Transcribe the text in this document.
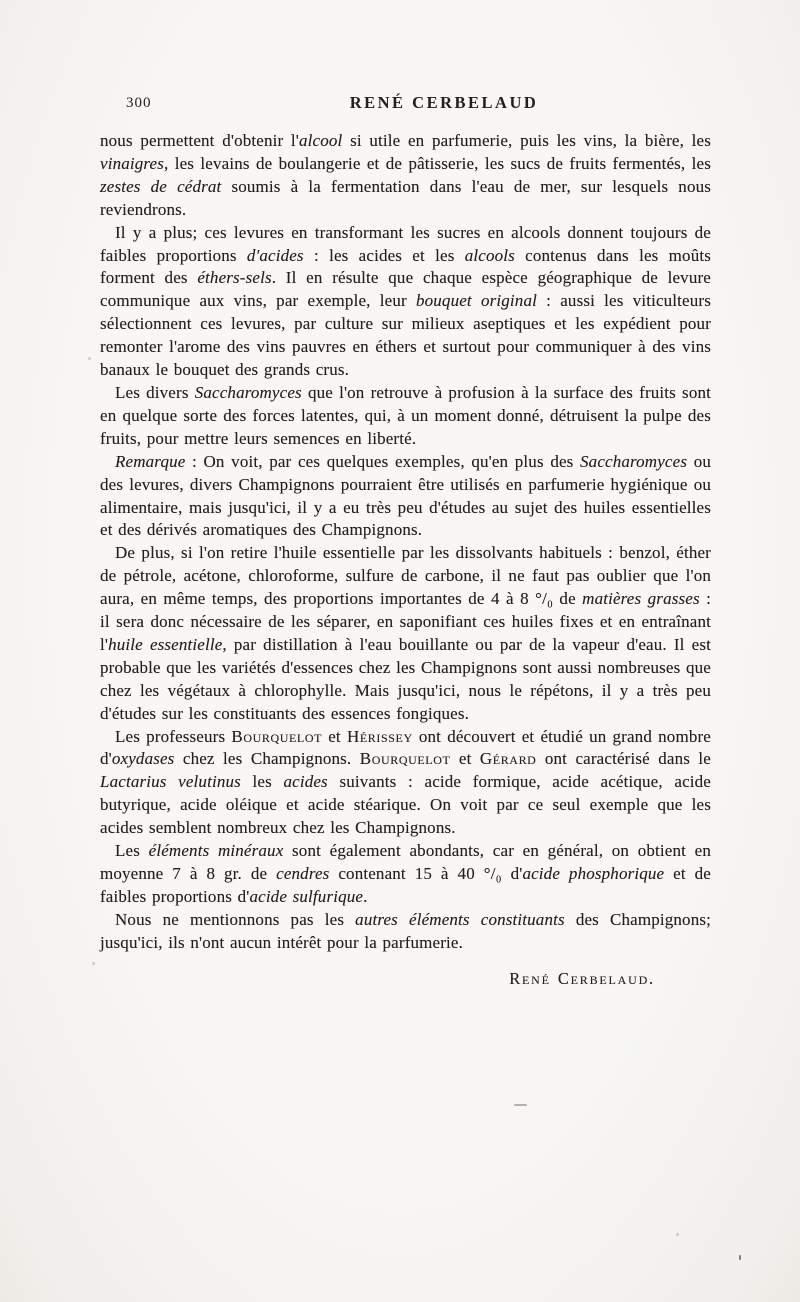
300	RENÉ CERBELAUD

nous permettent d'obtenir l'alcool si utile en parfumerie, puis les vins, la bière, les vinaigres, les levains de boulangerie et de pâtisserie, les sucs de fruits fermentés, les zestes de cédrat soumis à la fermentation dans l'eau de mer, sur lesquels nous reviendrons.

Il y a plus; ces levures en transformant les sucres en alcools donnent toujours de faibles proportions d'acides : les acides et les alcools contenus dans les moûts forment des éthers-sels. Il en résulte que chaque espèce géographique de levure communique aux vins, par exemple, leur bouquet original : aussi les viticulteurs sélectionnent ces levures, par culture sur milieux aseptiques et les expédient pour remonter l'arome des vins pauvres en éthers et surtout pour communiquer à des vins banaux le bouquet des grands crus.

Les divers Saccharomyces que l'on retrouve à profusion à la surface des fruits sont en quelque sorte des forces latentes, qui, à un moment donné, détruisent la pulpe des fruits, pour mettre leurs semences en liberté.

Remarque : On voit, par ces quelques exemples, qu'en plus des Saccharomyces ou des levures, divers Champignons pourraient être utilisés en parfumerie hygiénique ou alimentaire, mais jusqu'ici, il y a eu très peu d'études au sujet des huiles essentielles et des dérivés aromatiques des Champignons.

De plus, si l'on retire l'huile essentielle par les dissolvants habituels : benzol, éther de pétrole, acétone, chloroforme, sulfure de carbone, il ne faut pas oublier que l'on aura, en même temps, des proportions importantes de 4 à 8 °/₀ de matières grasses : il sera donc nécessaire de les séparer, en saponifiant ces huiles fixes et en entraînant l'huile essentielle, par distillation à l'eau bouillante ou par de la vapeur d'eau. Il est probable que les variétés d'essences chez les Champignons sont aussi nombreuses que chez les végétaux à chlorophylle. Mais jusqu'ici, nous le répétons, il y a très peu d'études sur les constituants des essences fongiques.

Les professeurs Bourquelot et Hérissey ont découvert et étudié un grand nombre d'oxydases chez les Champignons. Bourquelot et Gérard ont caractérisé dans le Lactarius velutinus les acides suivants : acide formique, acide acétique, acide butyrique, acide oléique et acide stéarique. On voit par ce seul exemple que les acides semblent nombreux chez les Champignons.

Les éléments minéraux sont également abondants, car en général, on obtient en moyenne 7 à 8 gr. de cendres contenant 15 à 40 °/₀ d'acide phosphorique et de faibles proportions d'acide sulfurique.

Nous ne mentionnons pas les autres éléments constituants des Champignons; jusqu'ici, ils n'ont aucun intérêt pour la parfumerie.

René Cerbelaud.
